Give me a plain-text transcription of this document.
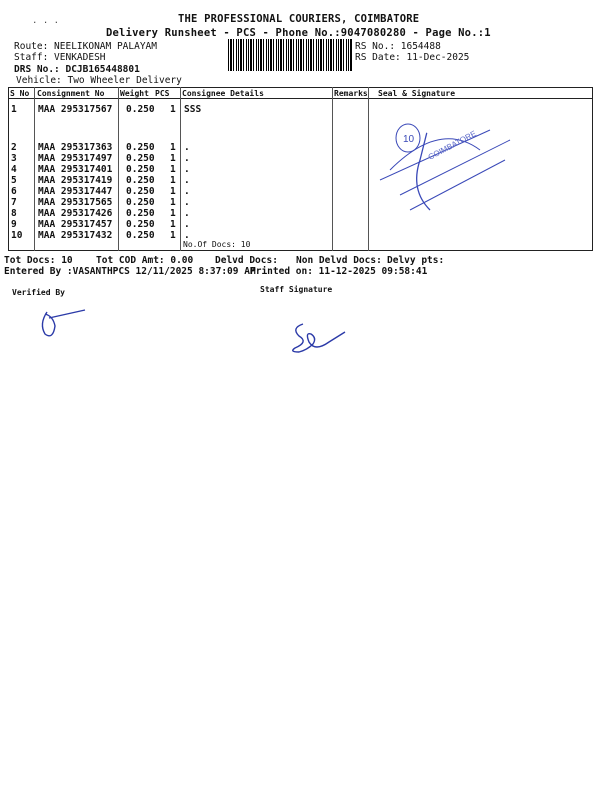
. . .	THE PROFESSIONAL COURIERS, COIMBATORE
Delivery Runsheet - PCS - Phone No.:9047080280 - Page No.:1
Route: NEELIKONAM PALAYAM
Staff: VENKADESH
DRS No.: DCJB165448801
Vehicle: Two Wheeler Delivery
RS No.: 1654488
RS Date: 11-Dec-2025
S No Consignment No Weight PCS Consignee Details	Remarks Seal & Signature
1 MAA 295317567 0.250 1 SSS
2 MAA 295317363 0.250 1 .
3 MAA 295317497 0.250 1 .
4 MAA 295317401 0.250 1 .
5 MAA 295317419 0.250 1 .
6 MAA 295317447 0.250 1 .
7 MAA 295317565 0.250 1 .
8 MAA 295317426 0.250 1 .
9 MAA 295317457 0.250 1 .
10 MAA 295317432 0.250 1 .
No.Of Docs: 10
10 COIMBATORE
Tot Docs: 10 Tot COD Amt: 0.00 Delvd Docs: Non Delvd Docs: Delvy pts:
Entered By :VASANTHPCS 12/11/2025 8:37:09 AM
Printed on: 11-12-2025 09:58:41
Verified By	Staff Signature
